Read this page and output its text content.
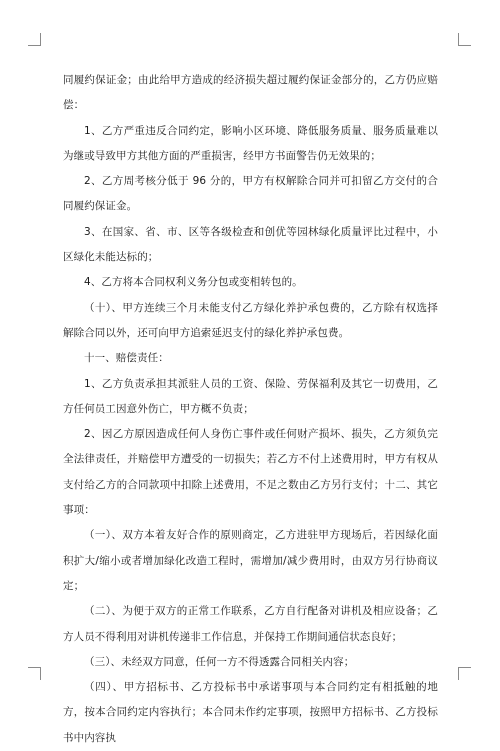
同履约保证金；由此给甲方造成的经济损失超过履约保证金部分的，乙方仍应赔偿：

1、乙方严重违反合同约定，影响小区环境、降低服务质量、服务质量难以为继或导致甲方其他方面的严重损害，经甲方书面警告仍无效果的；

2、乙方周考核分低于 96 分的，甲方有权解除合同并可扣留乙方交付的合同履约保证金。

3、在国家、省、市、区等各级检查和创优等园林绿化质量评比过程中，小区绿化未能达标的；

4、乙方将本合同权利义务分包或变相转包的。

（十）、甲方连续三个月未能支付乙方绿化养护承包费的，乙方除有权选择解除合同以外，还可向甲方追索延迟支付的绿化养护承包费。

十一、赔偿责任：

1、乙方负责承担其派驻人员的工资、保险、劳保福利及其它一切费用，乙方任何员工因意外伤亡，甲方概不负责；

2、因乙方原因造成任何人身伤亡事件或任何财产损坏、损失，乙方须负完全法律责任，并赔偿甲方遭受的一切损失；若乙方不付上述费用时，甲方有权从支付给乙方的合同款项中扣除上述费用，不足之数由乙方另行支付；十二、其它事项：

（一）、双方本着友好合作的原则商定，乙方进驻甲方现场后，若因绿化面积扩大/缩小或者增加绿化改造工程时，需增加/减少费用时，由双方另行协商议定；

（二）、为便于双方的正常工作联系，乙方自行配备对讲机及相应设备；乙方人员不得利用对讲机传递非工作信息，并保持工作期间通信状态良好；

（三）、未经双方同意，任何一方不得透露合同相关内容；

（四）、甲方招标书、乙方投标书中承诺事项与本合同约定有相抵触的地方，按本合同约定内容执行；本合同未作约定事项，按照甲方招标书、乙方投标书中内容执
